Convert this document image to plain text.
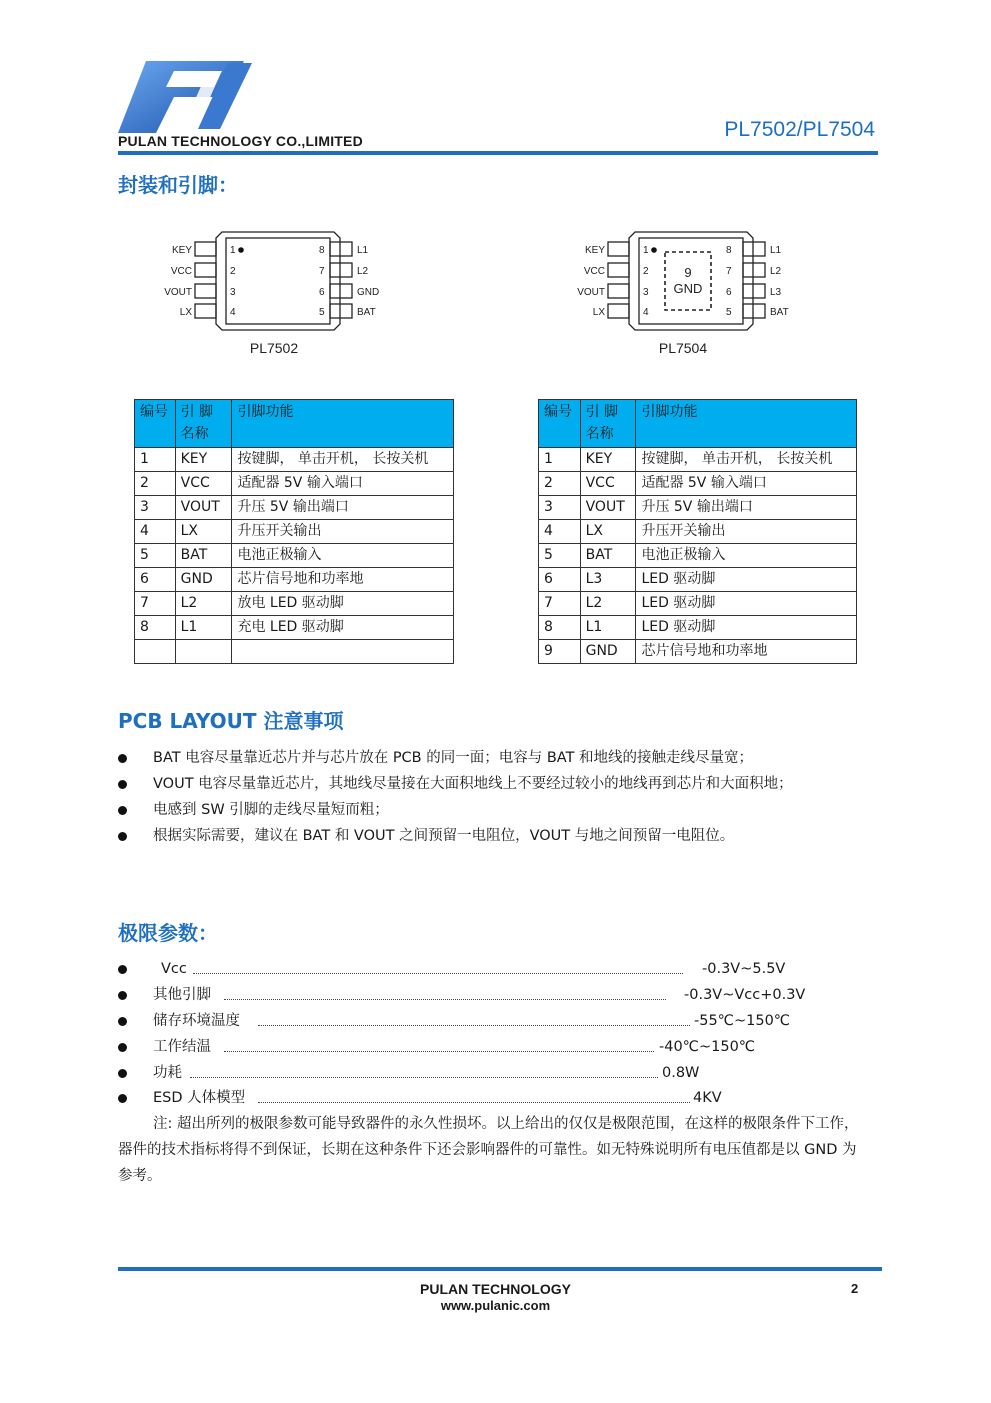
PULAN TECHNOLOGY CO.,LIMITED	PL7502/PL7504
封装和引脚：
KEY
VCC
VOUT
LX
1
2
3
4
8
7
6
5
L1
L2
GND
BAT
PL7502
KEY
VCC
VOUT
LX
1
2
3
4
8
7
6
5
L1
L2
L3
BAT
9
GND
PL7504
编号	引 脚名称	引脚功能
1	KEY	按键脚， 单击开机， 长按关机
2	VCC	适配器 5V 输入端口
3	VOUT	升压 5V 输出端口
4	LX	升压开关输出
5	BAT	电池正极输入
6	GND	芯片信号地和功率地
7	L2	放电 LED 驱动脚
8	L1	充电 LED 驱动脚

编号	引 脚名称	引脚功能
1	KEY	按键脚， 单击开机， 长按关机
2	VCC	适配器 5V 输入端口
3	VOUT	升压 5V 输出端口
4	LX	升压开关输出
5	BAT	电池正极输入
6	L3	LED 驱动脚
7	L2	LED 驱动脚
8	L1	LED 驱动脚
9	GND	芯片信号地和功率地
PCB LAYOUT 注意事项
BAT 电容尽量靠近芯片并与芯片放在 PCB 的同一面；电容与 BAT 和地线的接触走线尽量宽；
VOUT 电容尽量靠近芯片，其地线尽量接在大面积地线上不要经过较小的地线再到芯片和大面积地；
电感到 SW 引脚的走线尽量短而粗；
根据实际需要，建议在 BAT 和 VOUT 之间预留一电阻位，VOUT 与地之间预留一电阻位。
极限参数：
Vcc	-0.3V~5.5V
其他引脚	-0.3V~Vcc+0.3V
储存环境温度	-55℃~150℃
工作结温	-40℃~150℃
功耗	0.8W
ESD 人体模型	4KV
注: 超出所列的极限参数可能导致器件的永久性损坏。以上给出的仅仅是极限范围，在这样的极限条件下工作， 器件的技术指标将得不到保证，长期在这种条件下还会影响器件的可靠性。如无特殊说明所有电压值都是以 GND 为参考。
PULAN TECHNOLOGY
www.pulanic.com
2
